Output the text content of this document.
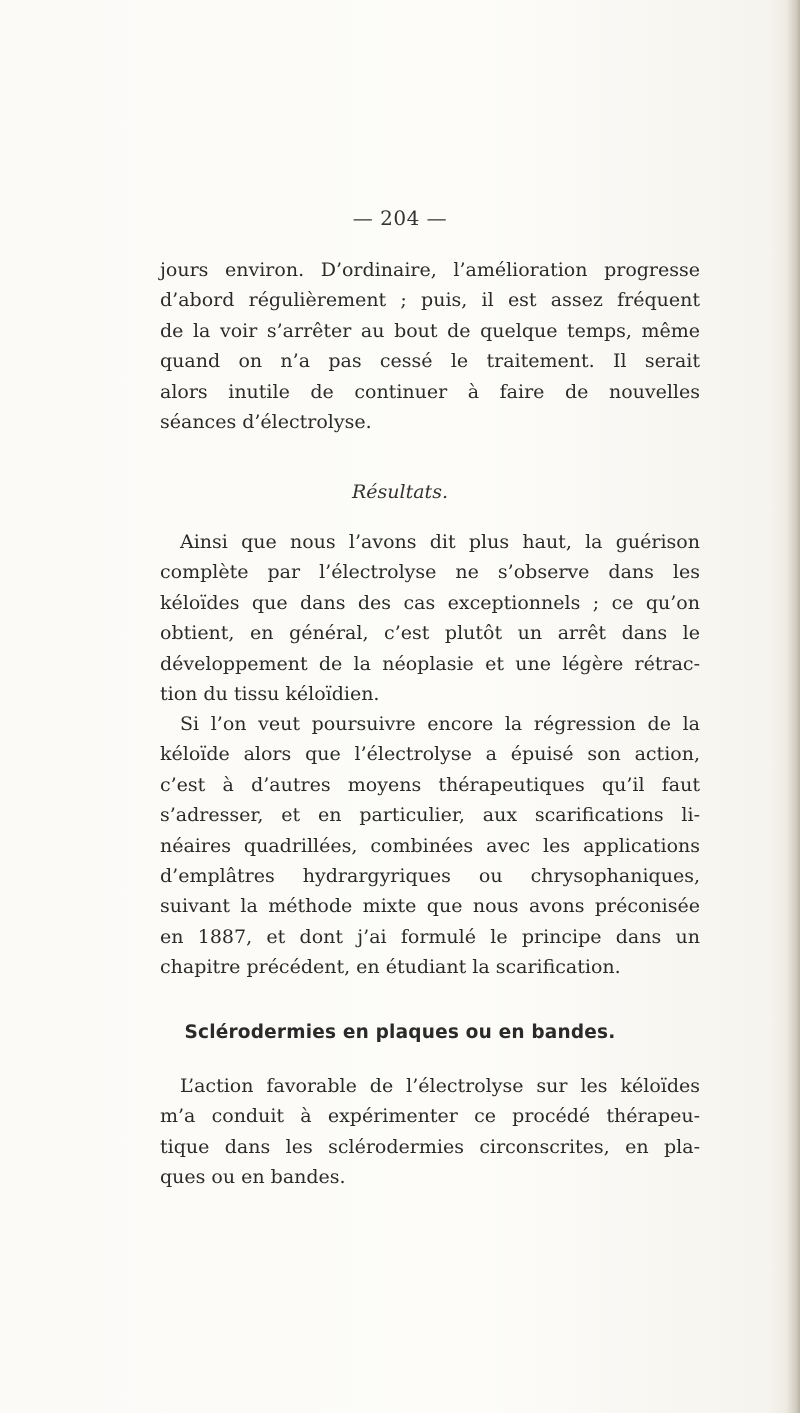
— 204 —
jours environ. D’ordinaire, l’amélioration progresse
d’abord régulièrement ; puis, il est assez fréquent
de la voir s’arrêter au bout de quelque temps, même
quand on n’a pas cessé le traitement. Il serait
alors inutile de continuer à faire de nouvelles
séances d’électrolyse.
Résultats.
Ainsi que nous l’avons dit plus haut, la guérison
complète par l’électrolyse ne s’observe dans les
kéloïdes que dans des cas exceptionnels ; ce qu’on
obtient, en général, c’est plutôt un arrêt dans le
développement de la néoplasie et une légère rétrac-
tion du tissu kéloïdien.
Si l’on veut poursuivre encore la régression de la
kéloïde alors que l’électrolyse a épuisé son action,
c’est à d’autres moyens thérapeutiques qu’il faut
s’adresser, et en particulier, aux scarifications li-
néaires quadrillées, combinées avec les applications
d’emplâtres hydrargyriques ou chrysophaniques,
suivant la méthode mixte que nous avons préconisée
en 1887, et dont j’ai formulé le principe dans un
chapitre précédent, en étudiant la scarification.
Sclérodermies en plaques ou en bandes.
L’action favorable de l’électrolyse sur les kéloïdes
m’a conduit à expérimenter ce procédé thérapeu-
tique dans les sclérodermies circonscrites, en pla-
ques ou en bandes.
